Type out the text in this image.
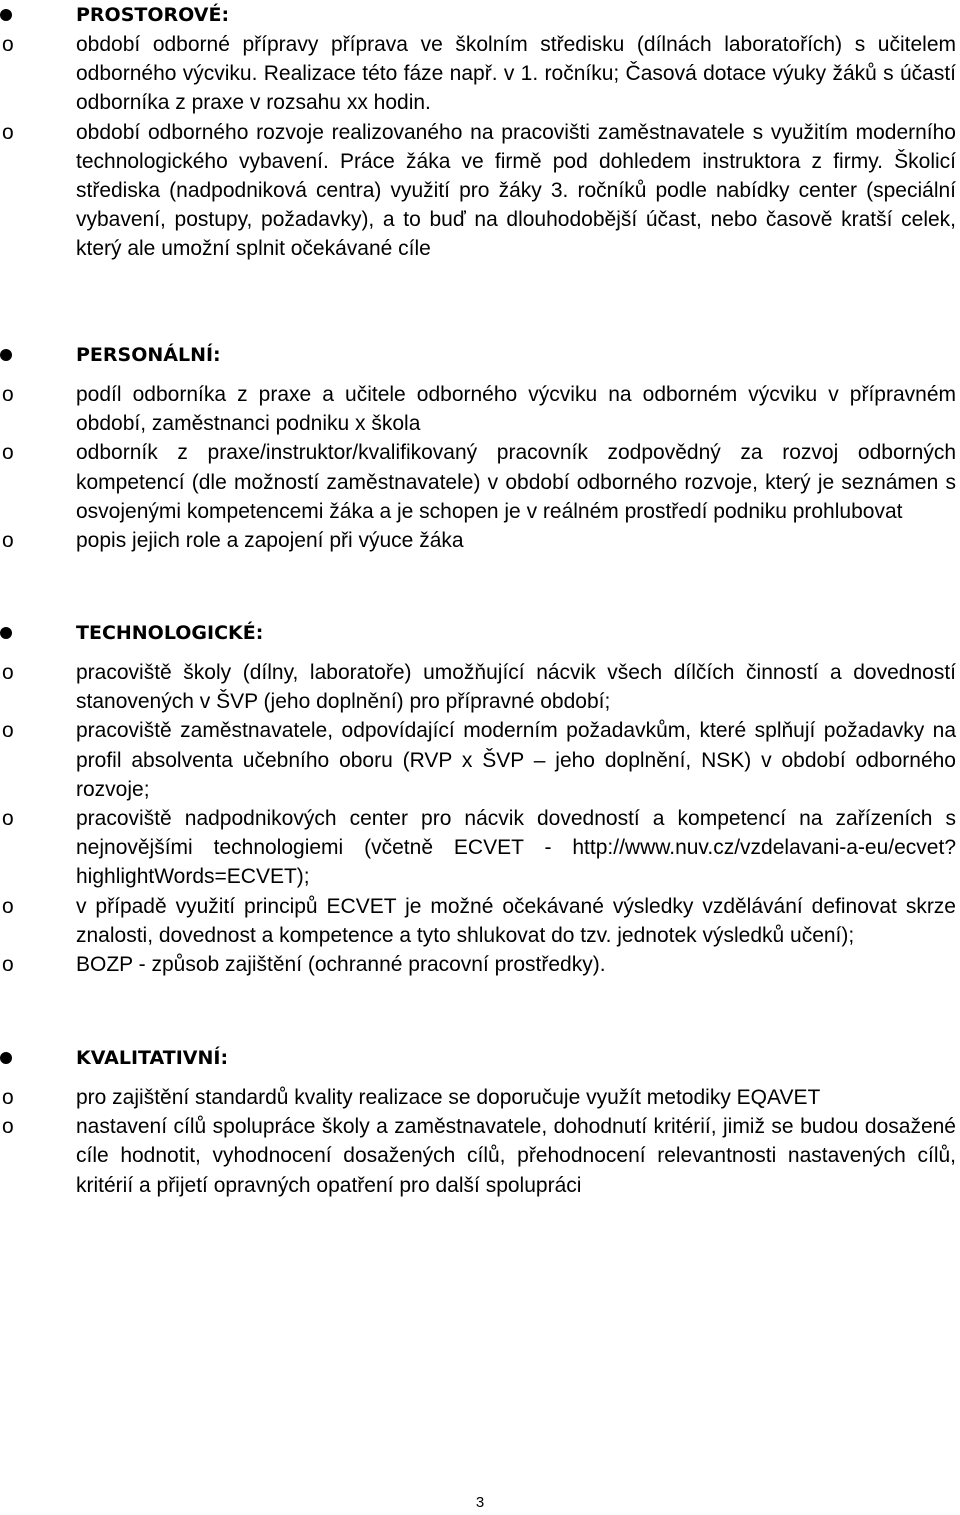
PROSTOROVÉ:
o	období odborné přípravy příprava ve školním středisku (dílnách laboratořích) s učitelem odborného výcviku. Realizace této fáze např. v 1. ročníku; Časová dotace výuky žáků s účastí odborníka z praxe v rozsahu xx hodin.
o	období odborného rozvoje realizovaného na pracovišti zaměstnavatele s využitím moderního technologického vybavení. Práce žáka ve firmě pod dohledem instruktora z firmy. Školicí střediska (nadpodniková centra) využití pro žáky 3. ročníků podle nabídky center (speciální vybavení, postupy, požadavky), a to buď na dlouhodobější účast, nebo časově kratší celek, který ale umožní splnit očekávané cíle
PERSONÁLNÍ:
o	podíl odborníka z praxe a učitele odborného výcviku na odborném výcviku v přípravném období, zaměstnanci podniku x škola
o	odborník z praxe/instruktor/kvalifikovaný pracovník zodpovědný za rozvoj odborných kompetencí (dle možností zaměstnavatele) v období odborného rozvoje, který je seznámen s osvojenými kompetencemi žáka a je schopen je v reálném prostředí podniku prohlubovat
o	popis jejich role a zapojení při výuce žáka
TECHNOLOGICKÉ:
o	pracoviště školy (dílny, laboratoře) umožňující nácvik všech dílčích činností a dovedností stanovených v ŠVP (jeho doplnění) pro přípravné období;
o	pracoviště zaměstnavatele, odpovídající moderním požadavkům, které splňují požadavky na profil absolventa učebního oboru (RVP x ŠVP – jeho doplnění, NSK) v období odborného rozvoje;
o	pracoviště nadpodnikových center pro nácvik dovedností a kompetencí na zařízeních s nejnovějšími technologiemi (včetně ECVET - http://www.nuv.cz/vzdelavani-a-eu/ecvet?highlightWords=ECVET);
o	v případě využití principů ECVET je možné očekávané výsledky vzdělávání definovat skrze znalosti, dovednost a kompetence a tyto shlukovat do tzv. jednotek výsledků učení);
o	BOZP - způsob zajištění (ochranné pracovní prostředky).
KVALITATIVNÍ:
o	pro zajištění standardů kvality realizace se doporučuje využít metodiky EQAVET
o	nastavení cílů spolupráce školy a zaměstnavatele, dohodnutí kritérií, jimiž se budou dosažené cíle hodnotit, vyhodnocení dosažených cílů, přehodnocení relevantnosti nastavených cílů, kritérií a přijetí opravných opatření pro další spolupráci
3
